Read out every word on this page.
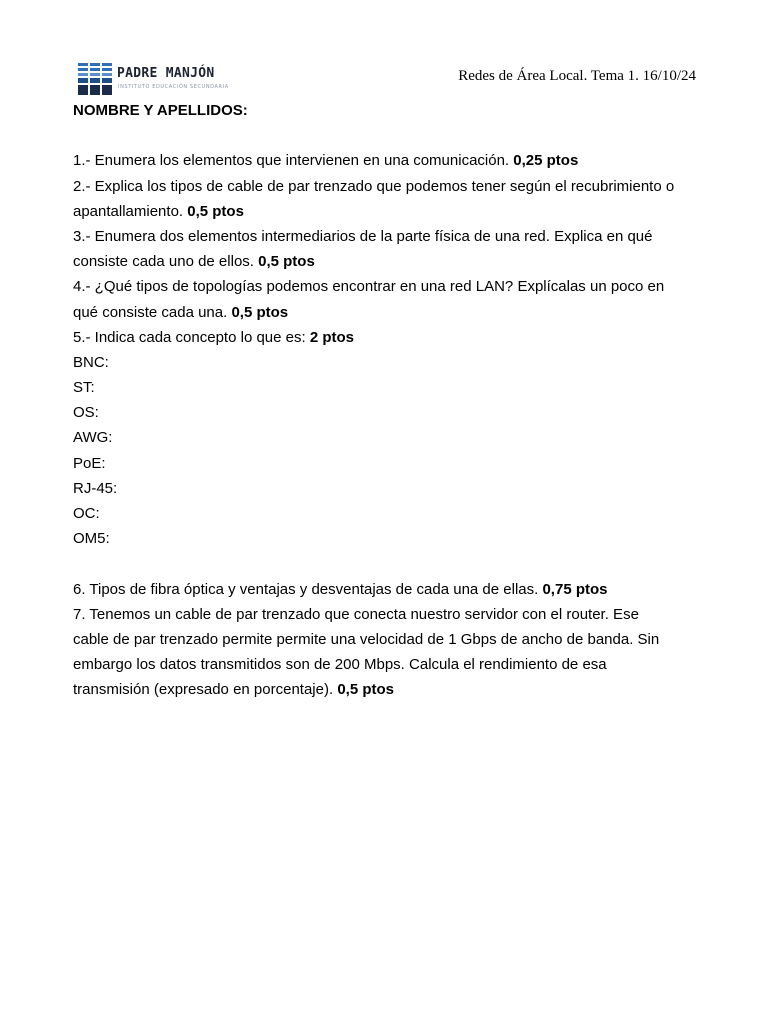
PADRE MANJÓN
INSTITUTO EDUCACIÓN SECUNDARIA
Redes de Área Local. Tema 1. 16/10/24
NOMBRE Y APELLIDOS:
1.- Enumera los elementos que intervienen en una comunicación. 0,25 ptos
2.- Explica los tipos de cable de par trenzado que podemos tener según el recubrimiento o
apantallamiento. 0,5 ptos
3.- Enumera dos elementos intermediarios de la parte física de una red. Explica en qué
consiste cada uno de ellos. 0,5 ptos
4.- ¿Qué tipos de topologías podemos encontrar en una red LAN? Explícalas un poco en
qué consiste cada una. 0,5 ptos
5.- Indica cada concepto lo que es: 2 ptos
BNC:
ST:
OS:
AWG:
PoE:
RJ-45:
OC:
OM5:
6. Tipos de fibra óptica y ventajas y desventajas de cada una de ellas. 0,75 ptos
7. Tenemos un cable de par trenzado que conecta nuestro servidor con el router. Ese
cable de par trenzado permite permite una velocidad de 1 Gbps de ancho de banda. Sin
embargo los datos transmitidos son de 200 Mbps. Calcula el rendimiento de esa
transmisión (expresado en porcentaje). 0,5 ptos
